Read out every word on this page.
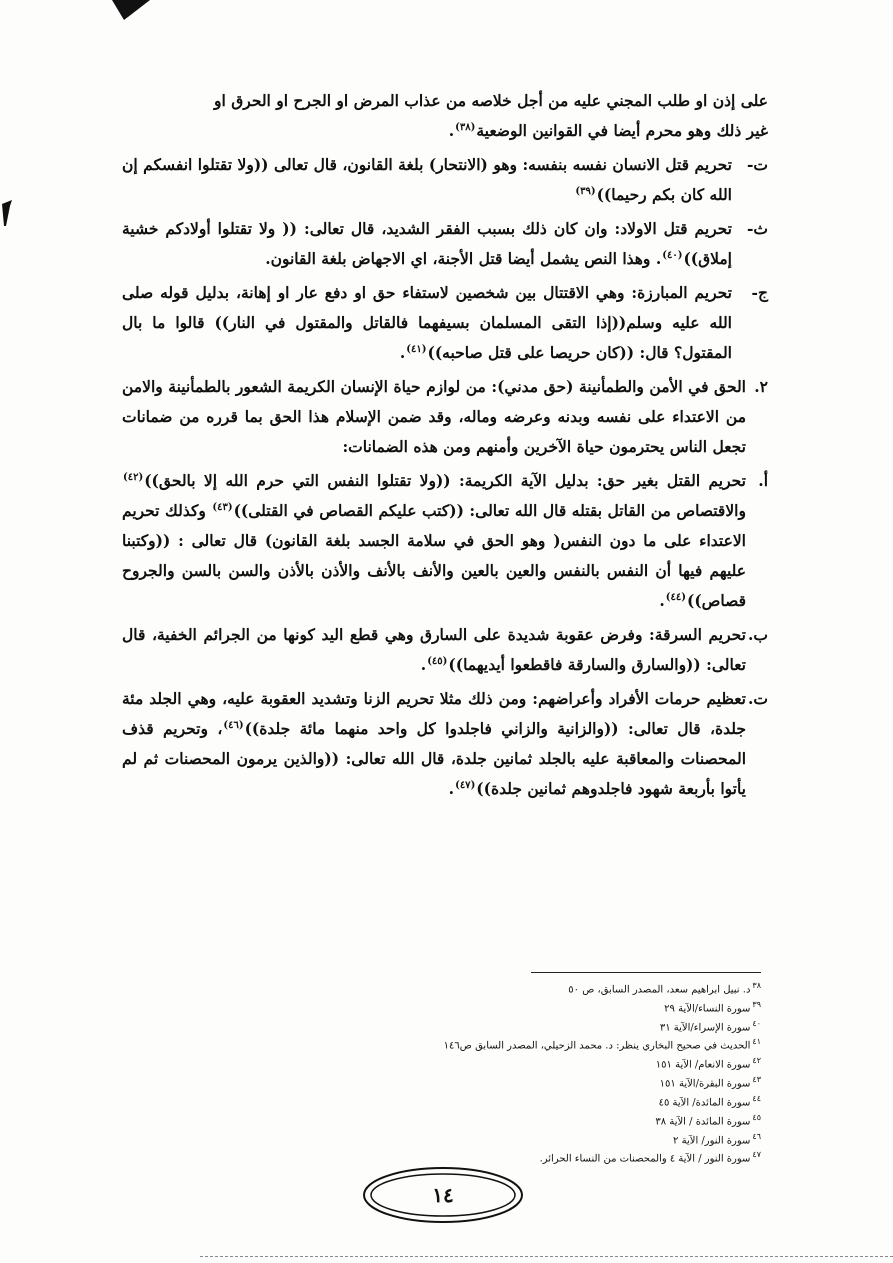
على إذن او طلب المجني عليه من أجل خلاصه من عذاب المرض او الجرح او الحرق او
غير ذلك وهو محرم أيضا في القوانين الوضعية$^{(٣٨)}$.
ت-

تحريم قتل الانسان نفسه بنفسه: وهو (الانتحار) بلغة القانون، قال تعالى ((ولا تقتلوا انفسكم إن الله كان بكم رحيما))$^{(٣٩)}$

ث-

تحريم قتل الاولاد: وان كان ذلك بسبب الفقر الشديد، قال تعالى: (( ولا تقتلوا أولادكم خشية إملاق))$^{(٤٠)}$. وهذا النص يشمل أيضا قتل الأجنة، اي الاجهاض بلغة القانون.

ج-

تحريم المبارزة: وهي الاقتتال بين شخصين لاستفاء حق او دفع عار او إهانة، بدليل قوله صلى الله عليه وسلم((إذا التقى المسلمان بسيفهما فالقاتل والمقتول في النار)) قالوا ما بال المقتول؟ قال: ((كان حريصا على قتل صاحبه))$^{(٤١)}$.

٢.

الحق في الأمن والطمأنينة (حق مدني): من لوازم حياة الإنسان الكريمة الشعور بالطمأنينة والامن من الاعتداء على نفسه وبدنه وعرضه وماله، وقد ضمن الإسلام هذا الحق بما قرره من ضمانات تجعل الناس يحترمون حياة الآخرين وأمنهم ومن هذه الضمانات:

أ.

تحريم القتل بغير حق: بدليل الآية الكريمة: ((ولا تقتلوا النفس التي حرم الله إلا بالحق))$^{(٤٢)}$ والاقتصاص من القاتل بقتله قال الله تعالى: ((كتب عليكم القصاص في القتلى))$^{(٤٣)}$ وكذلك تحريم الاعتداء على ما دون النفس( وهو الحق في سلامة الجسد بلغة القانون) قال تعالى : ((وكتبنا عليهم فيها أن النفس بالنفس والعين بالعين والأنف بالأنف والأذن بالأذن والسن بالسن والجروح قصاص))$^{(٤٤)}$.

ب.

تحريم السرقة: وفرض عقوبة شديدة على السارق وهي قطع اليد كونها من الجرائم الخفية، قال تعالى: ((والسارق والسارقة فاقطعوا أيديهما))$^{(٤٥)}$.

ت.

تعظيم حرمات الأفراد وأعراضهم: ومن ذلك مثلا تحريم الزنا وتشديد العقوبة عليه، وهي الجلد مئة جلدة، قال تعالى: ((والزانية والزاني فاجلدوا كل واحد منهما مائة جلدة))$^{(٤٦)}$، وتحريم قذف المحصنات والمعاقبة عليه بالجلد ثمانين جلدة، قال الله تعالى: ((والذين يرمون المحصنات ثم لم يأتوا بأربعة شهود فاجلدوهم ثمانين جلدة))$^{(٤٧)}$.

$^{٣٨}$د. نبيل ابراهيم سعد، المصدر السابق، ص ٥٠
$^{٣٩}$سورة النساء/الآية ٢٩
$^{٤٠}$سورة الإسراء/الآية ٣١
$^{٤١}$الحديث في صحيح البخاري ينظر: د. محمد الزحيلي، المصدر السابق ص١٤٦
$^{٤٢}$سورة الانعام/ الآية ١٥١
$^{٤٣}$سورة البقرة/الآية ١٥١
$^{٤٤}$سورة المائدة/ الآية ٤٥
$^{٤٥}$سورة المائدة / الآية ٣٨
$^{٤٦}$سورة النور/ الآية ٢
$^{٤٧}$سورة النور / الآية ٤ والمحصنات من النساء الحرائر.
١٤
